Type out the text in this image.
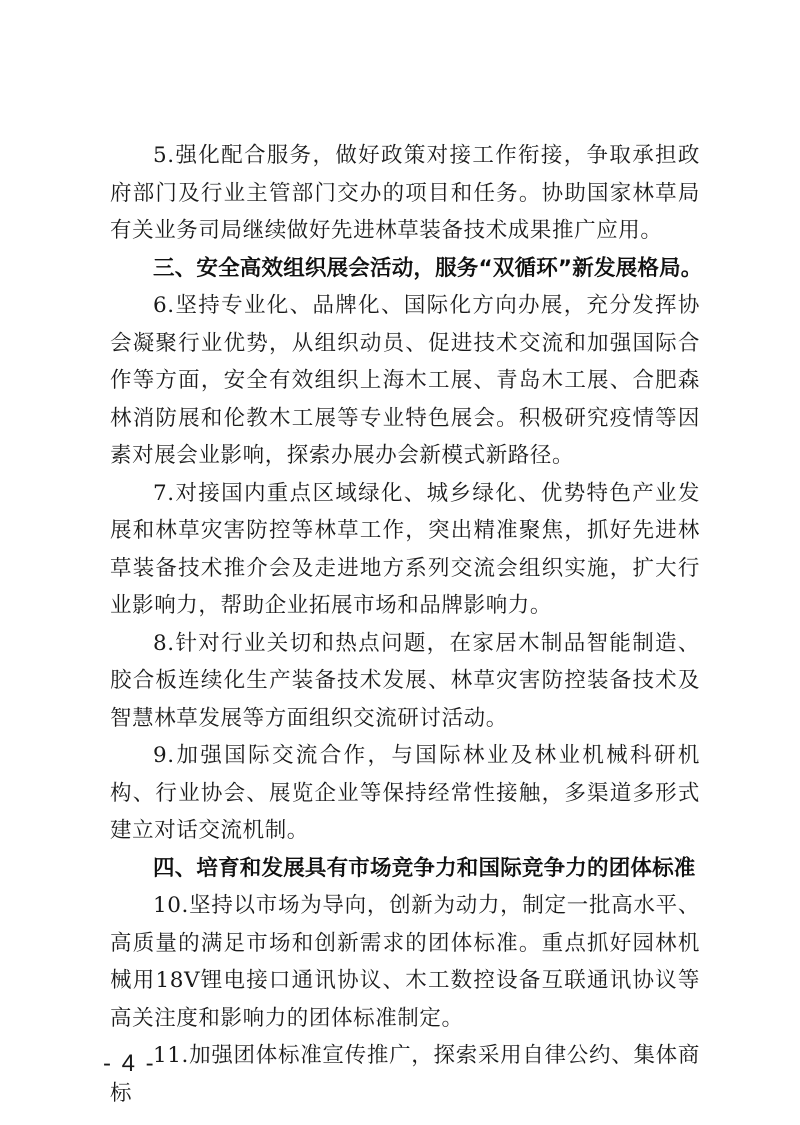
5.强化配合服务，做好政策对接工作衔接，争取承担政府部门及行业主管部门交办的项目和任务。协助国家林草局有关业务司局继续做好先进林草装备技术成果推广应用。

三、安全高效组织展会活动，服务“双循环”新发展格局。

6.坚持专业化、品牌化、国际化方向办展，充分发挥协会凝聚行业优势，从组织动员、促进技术交流和加强国际合作等方面，安全有效组织上海木工展、青岛木工展、合肥森林消防展和伦教木工展等专业特色展会。积极研究疫情等因素对展会业影响，探索办展办会新模式新路径。

7.对接国内重点区域绿化、城乡绿化、优势特色产业发展和林草灾害防控等林草工作，突出精准聚焦，抓好先进林草装备技术推介会及走进地方系列交流会组织实施，扩大行业影响力，帮助企业拓展市场和品牌影响力。

8.针对行业关切和热点问题，在家居木制品智能制造、胶合板连续化生产装备技术发展、林草灾害防控装备技术及智慧林草发展等方面组织交流研讨活动。

9.加强国际交流合作，与国际林业及林业机械科研机构、行业协会、展览企业等保持经常性接触，多渠道多形式建立对话交流机制。

四、培育和发展具有市场竞争力和国际竞争力的团体标准

10.坚持以市场为导向，创新为动力，制定一批高水平、高质量的满足市场和创新需求的团体标准。重点抓好园林机械用18V锂电接口通讯协议、木工数控设备互联通讯协议等高关注度和影响力的团体标准制定。

11.加强团体标准宣传推广，探索采用自律公约、集体商标

- 4 -
